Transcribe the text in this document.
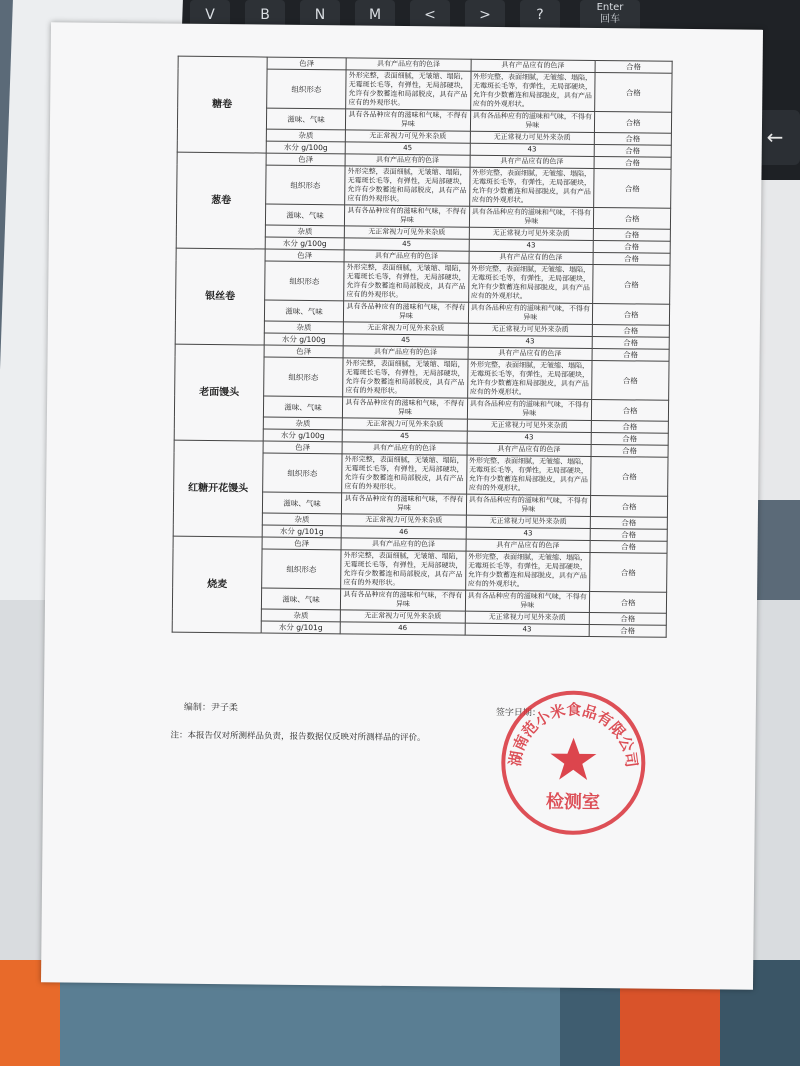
V	B	N	M	<	>	?	Enter
回车
←
糖卷	色泽	具有产品应有的色泽	具有产品应有的色泽	合格
	组织形态	外形完整，表面细腻，无皱缩、塌陷，无霉斑长毛等，有弹性，无局部硬块，允许有少数蓄连和局部脱皮，具有产品应有的外观形状。	外形完整，表面细腻，无皱缩、塌陷，无霉斑长毛等，有弹性，无局部硬块，允许有少数蓄连和局部脱皮，具有产品应有的外观形状。	合格
	滋味、气味	具有各品种应有的滋味和气味，不得有异味	具有各品种应有的滋味和气味，不得有异味	合格
	杂质	无正常视力可见外来杂质	无正常视力可见外来杂质	合格
	水分 g/100g	45	43	合格
葱卷	色泽	具有产品应有的色泽	具有产品应有的色泽	合格
	组织形态	外形完整，表面细腻，无皱缩、塌陷，无霉斑长毛等，有弹性，无局部硬块，允许有少数蓄连和局部脱皮，具有产品应有的外观形状。	外形完整，表面细腻，无皱缩、塌陷，无霉斑长毛等，有弹性，无局部硬块，允许有少数蓄连和局部脱皮，具有产品应有的外观形状。	合格
	滋味、气味	具有各品种应有的滋味和气味，不得有异味	具有各品种应有的滋味和气味，不得有异味	合格
	杂质	无正常视力可见外来杂质	无正常视力可见外来杂质	合格
	水分 g/100g	45	43	合格
银丝卷	色泽	具有产品应有的色泽	具有产品应有的色泽	合格
	组织形态	外形完整，表面细腻，无皱缩、塌陷，无霉斑长毛等，有弹性，无局部硬块，允许有少数蓄连和局部脱皮，具有产品应有的外观形状。	外形完整，表面细腻，无皱缩、塌陷，无霉斑长毛等，有弹性，无局部硬块，允许有少数蓄连和局部脱皮，具有产品应有的外观形状。	合格
	滋味、气味	具有各品种应有的滋味和气味，不得有异味	具有各品种应有的滋味和气味，不得有异味	合格
	杂质	无正常视力可见外来杂质	无正常视力可见外来杂质	合格
	水分 g/100g	45	43	合格
老面馒头	色泽	具有产品应有的色泽	具有产品应有的色泽	合格
	组织形态	外形完整，表面细腻，无皱缩、塌陷，无霉斑长毛等，有弹性，无局部硬块，允许有少数蓄连和局部脱皮，具有产品应有的外观形状。	外形完整，表面细腻，无皱缩、塌陷，无霉斑长毛等，有弹性，无局部硬块，允许有少数蓄连和局部脱皮，具有产品应有的外观形状。	合格
	滋味、气味	具有各品种应有的滋味和气味，不得有异味	具有各品种应有的滋味和气味，不得有异味	合格
	杂质	无正常视力可见外来杂质	无正常视力可见外来杂质	合格
	水分 g/100g	45	43	合格
红糖开花馒头	色泽	具有产品应有的色泽	具有产品应有的色泽	合格
	组织形态	外形完整，表面细腻，无皱缩、塌陷，无霉斑长毛等，有弹性，无局部硬块，允许有少数蓄连和局部脱皮，具有产品应有的外观形状。	外形完整，表面细腻，无皱缩、塌陷，无霉斑长毛等，有弹性，无局部硬块，允许有少数蓄连和局部脱皮，具有产品应有的外观形状。	合格
	滋味、气味	具有各品种应有的滋味和气味，不得有异味	具有各品种应有的滋味和气味，不得有异味	合格
	杂质	无正常视力可见外来杂质	无正常视力可见外来杂质	合格
	水分 g/101g	46	43	合格
烧麦	色泽	具有产品应有的色泽	具有产品应有的色泽	合格
	组织形态	外形完整，表面细腻，无皱缩、塌陷，无霉斑长毛等，有弹性，无局部硬块，允许有少数蓄连和局部脱皮，具有产品应有的外观形状。	外形完整，表面细腻，无皱缩、塌陷，无霉斑长毛等，有弹性，无局部硬块，允许有少数蓄连和局部脱皮，具有产品应有的外观形状。	合格
	滋味、气味	具有各品种应有的滋味和气味，不得有异味	具有各品种应有的滋味和气味，不得有异味	合格
	杂质	无正常视力可见外来杂质	无正常视力可见外来杂质	合格
	水分 g/101g	46	43	合格
编制：尹子柔	签字日期：
注：本报告仅对所测样品负责，报告数据仅反映对所测样品的评价。
湖南范小米食品有限公司
检测室
